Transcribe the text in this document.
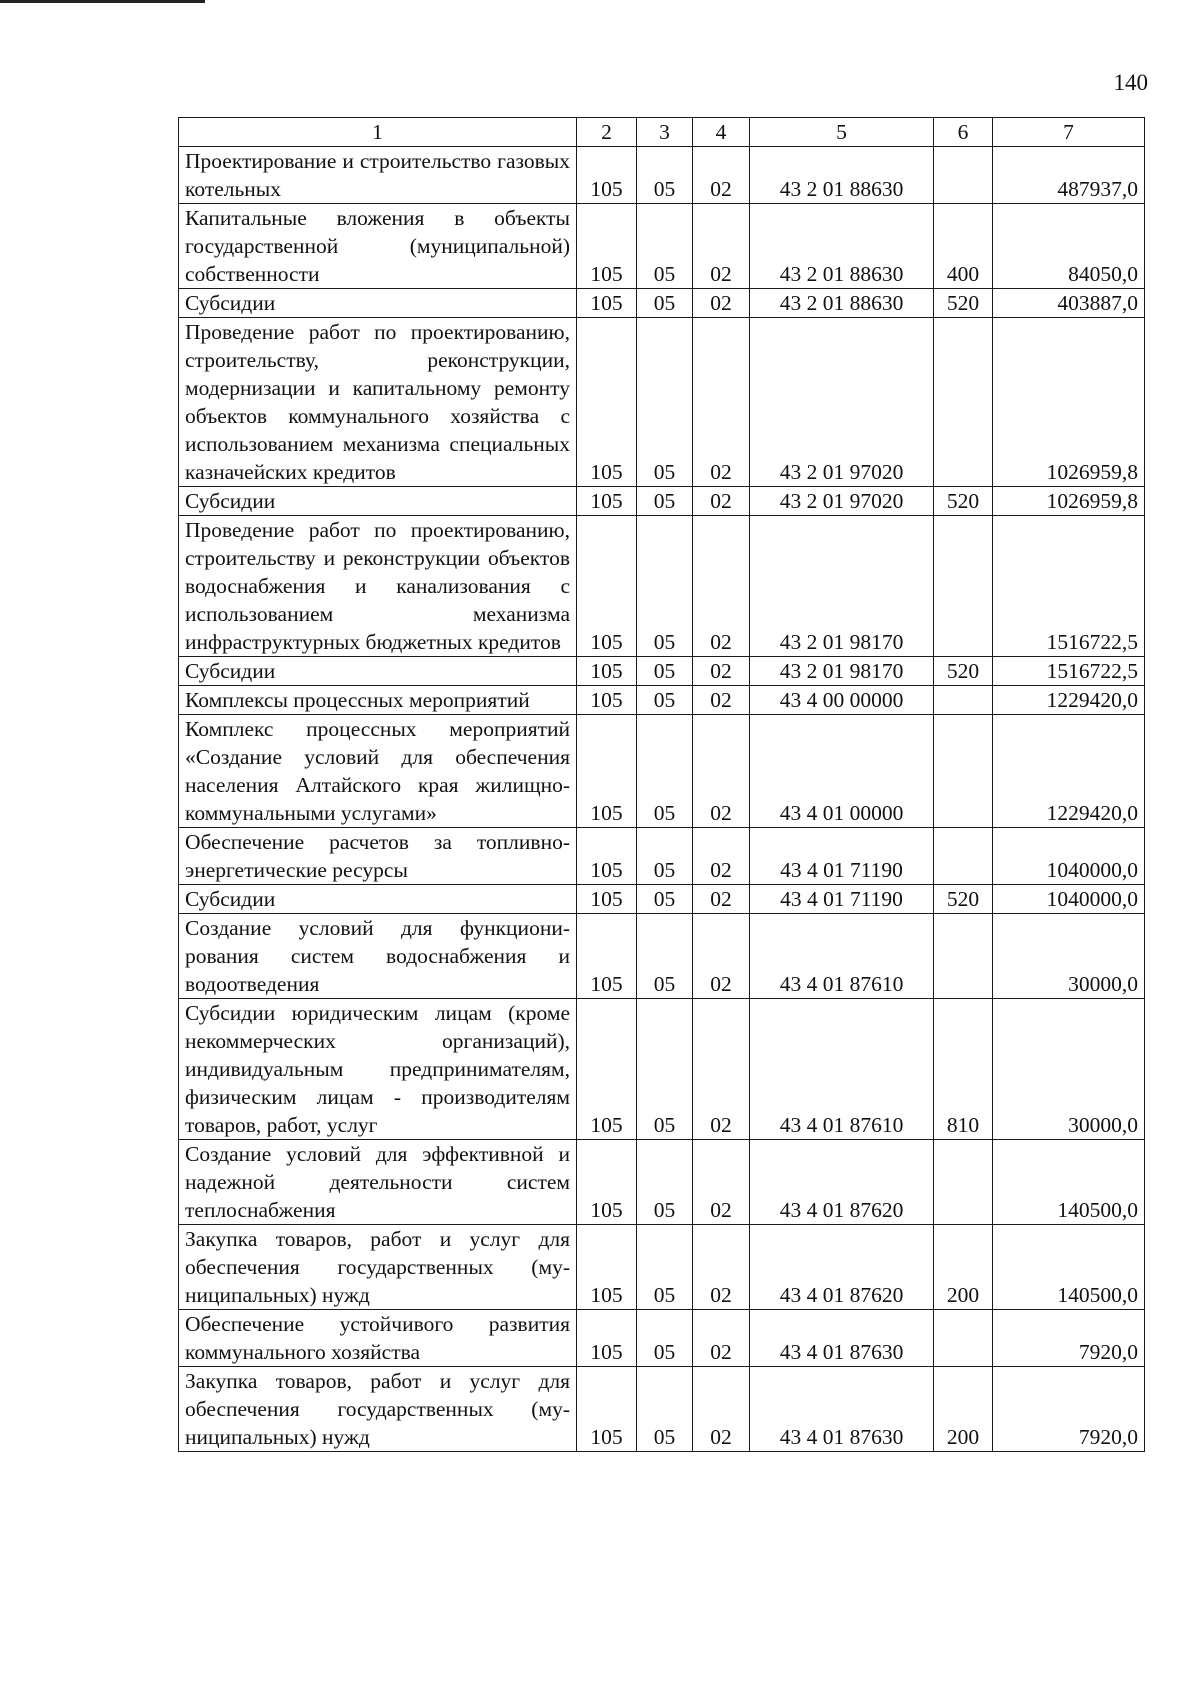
140
1	2	3	4	5	6	7
Проектирование и строительство газовых котельных	105	05	02	43 2 01 88630		487937,0
Капитальные вложения в объекты государственной (муниципальной) собственности	105	05	02	43 2 01 88630	400	84050,0
Субсидии	105	05	02	43 2 01 88630	520	403887,0
Проведение работ по проектированию, строительству, реконструкции, модернизации и капитальному ремонту объектов коммунального хозяйства с использованием механизма специальных казначейских кредитов	105	05	02	43 2 01 97020		1026959,8
Субсидии	105	05	02	43 2 01 97020	520	1026959,8
Проведение работ по проектированию, строительству и реконструкции объектов водоснабжения и канализования с использованием механизма инфраструктурных бюджетных кредитов	105	05	02	43 2 01 98170		1516722,5
Субсидии	105	05	02	43 2 01 98170	520	1516722,5
Комплексы процессных мероприятий	105	05	02	43 4 00 00000		1229420,0
Комплекс процессных мероприятий «Создание условий для обеспечения населения Алтайского края жилищно-коммунальными услугами»	105	05	02	43 4 01 00000		1229420,0
Обеспечение расчетов за топливно-энергетические ресурсы	105	05	02	43 4 01 71190		1040000,0
Субсидии	105	05	02	43 4 01 71190	520	1040000,0
Создание условий для функционирования систем водоснабжения и водоотведения	105	05	02	43 4 01 87610		30000,0
Субсидии юридическим лицам (кроме некоммерческих организаций), индивидуальным предпринимателям, физическим лицам - производителям товаров, работ, услуг	105	05	02	43 4 01 87610	810	30000,0
Создание условий для эффективной и надежной деятельности систем теплоснабжения	105	05	02	43 4 01 87620		140500,0
Закупка товаров, работ и услуг для обеспечения государственных (муниципальных) нужд	105	05	02	43 4 01 87620	200	140500,0
Обеспечение устойчивого развития коммунального хозяйства	105	05	02	43 4 01 87630		7920,0
Закупка товаров, работ и услуг для обеспечения государственных (муниципальных) нужд	105	05	02	43 4 01 87630	200	7920,0
